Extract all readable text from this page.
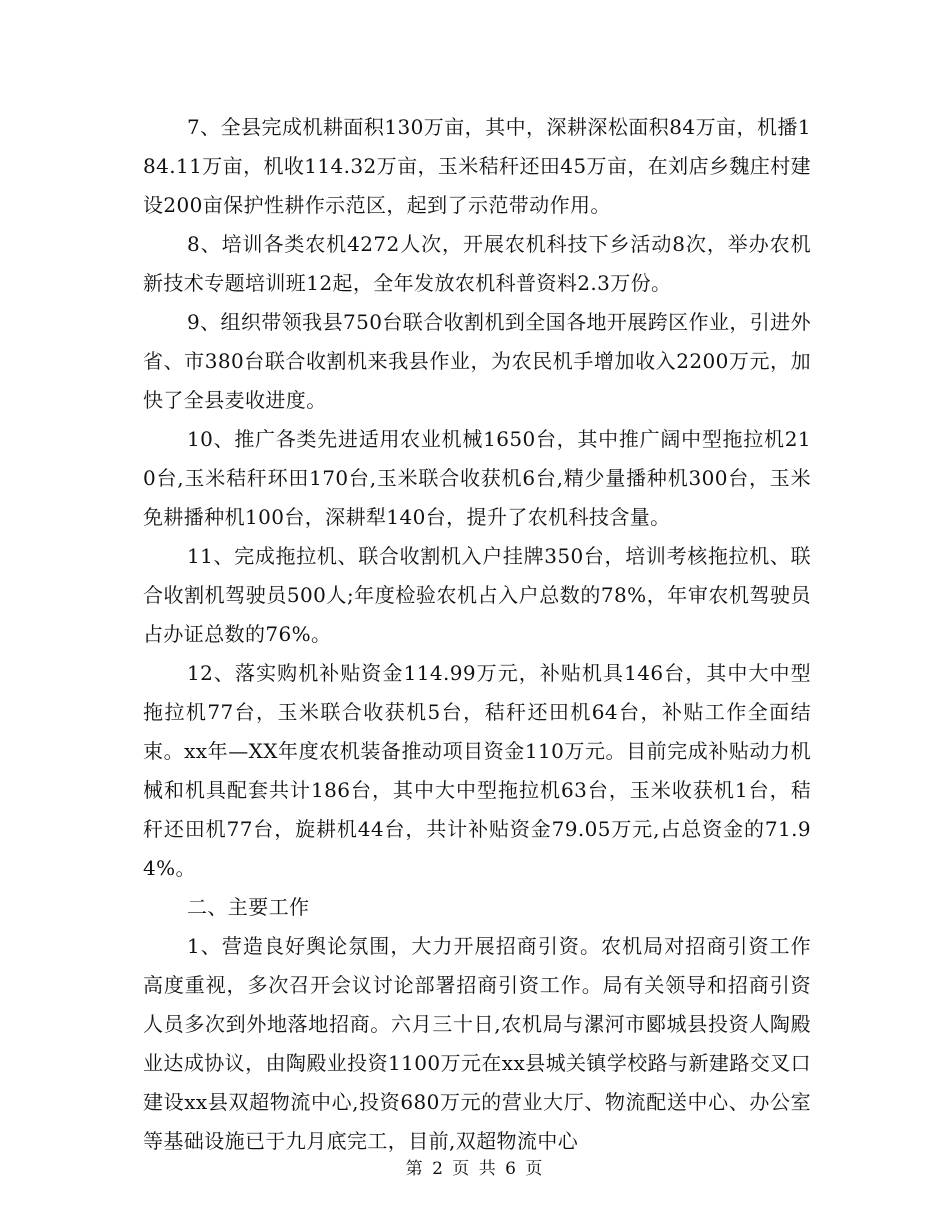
7、全县完成机耕面积130万亩，其中，深耕深松面积84万亩，机播184.11万亩，机收114.32万亩，玉米秸秆还田45万亩，在刘店乡魏庄村建设200亩保护性耕作示范区，起到了示范带动作用。

8、培训各类农机4272人次，开展农机科技下乡活动8次，举办农机新技术专题培训班12起，全年发放农机科普资料2.3万份。

9、组织带领我县750台联合收割机到全国各地开展跨区作业，引进外省、市380台联合收割机来我县作业，为农民机手增加收入2200万元，加快了全县麦收进度。

10、推广各类先进适用农业机械1650台，其中推广阔中型拖拉机210台,玉米秸秆环田170台,玉米联合收获机6台,精少量播种机300台，玉米免耕播种机100台，深耕犁140台，提升了农机科技含量。

11、完成拖拉机、联合收割机入户挂牌350台，培训考核拖拉机、联合收割机驾驶员500人;年度检验农机占入户总数的78%，年审农机驾驶员占办证总数的76%。

12、落实购机补贴资金114.99万元，补贴机具146台，其中大中型拖拉机77台，玉米联合收获机5台，秸秆还田机64台，补贴工作全面结束。xx年—XX年度农机装备推动项目资金110万元。目前完成补贴动力机械和机具配套共计186台，其中大中型拖拉机63台，玉米收获机1台，秸秆还田机77台，旋耕机44台，共计补贴资金79.05万元,占总资金的71.94%。

二、主要工作

1、营造良好舆论氛围，大力开展招商引资。农机局对招商引资工作高度重视，多次召开会议讨论部署招商引资工作。局有关领导和招商引资人员多次到外地落地招商。六月三十日,农机局与漯河市郾城县投资人陶殿业达成协议，由陶殿业投资1100万元在xx县城关镇学校路与新建路交叉口建设xx县双超物流中心,投资680万元的营业大厅、物流配送中心、办公室等基础设施已于九月底完工，目前,双超物流中心

第 2 页 共 6 页
